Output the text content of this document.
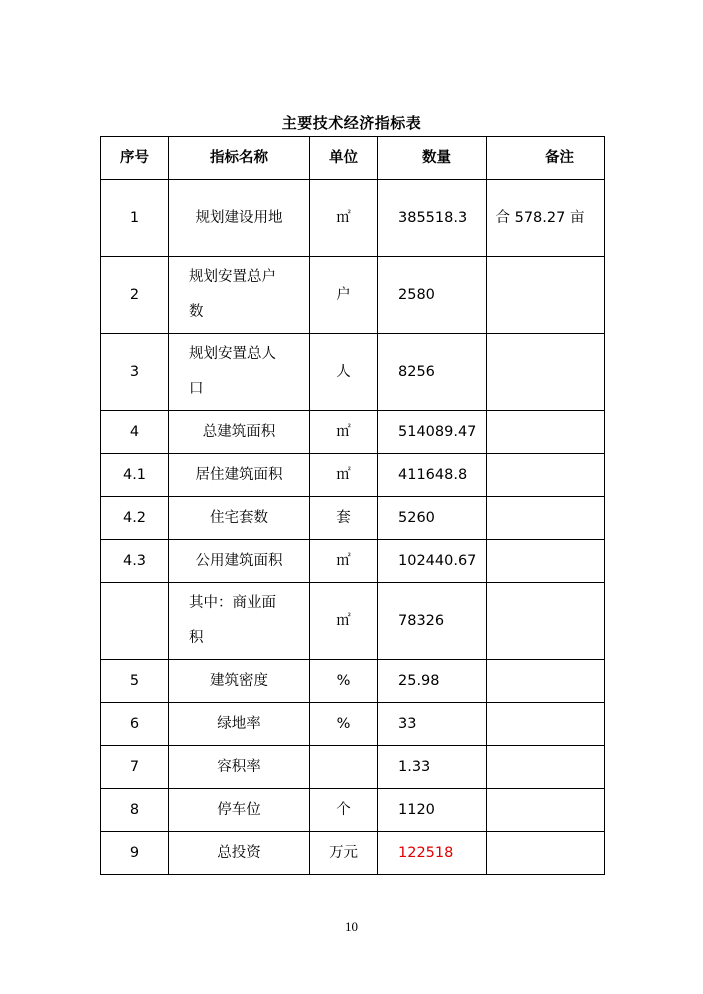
主要技术经济指标表
序号	指标名称	单位	数量	备注
1	规划建设用地	㎡	385518.3	合 578.27 亩
2	规划安置总户数	户	2580	
3	规划安置总人口	人	8256	
4	总建筑面积	㎡	514089.47	
4.1	居住建筑面积	㎡	411648.8	
4.2	住宅套数	套	5260	
4.3	公用建筑面积	㎡	102440.67	
	其中：商业面积	㎡	78326	
5	建筑密度	%	25.98	
6	绿地率	%	33	
7	容积率		1.33	
8	停车位	个	1120	
9	总投资	万元	122518	
10
